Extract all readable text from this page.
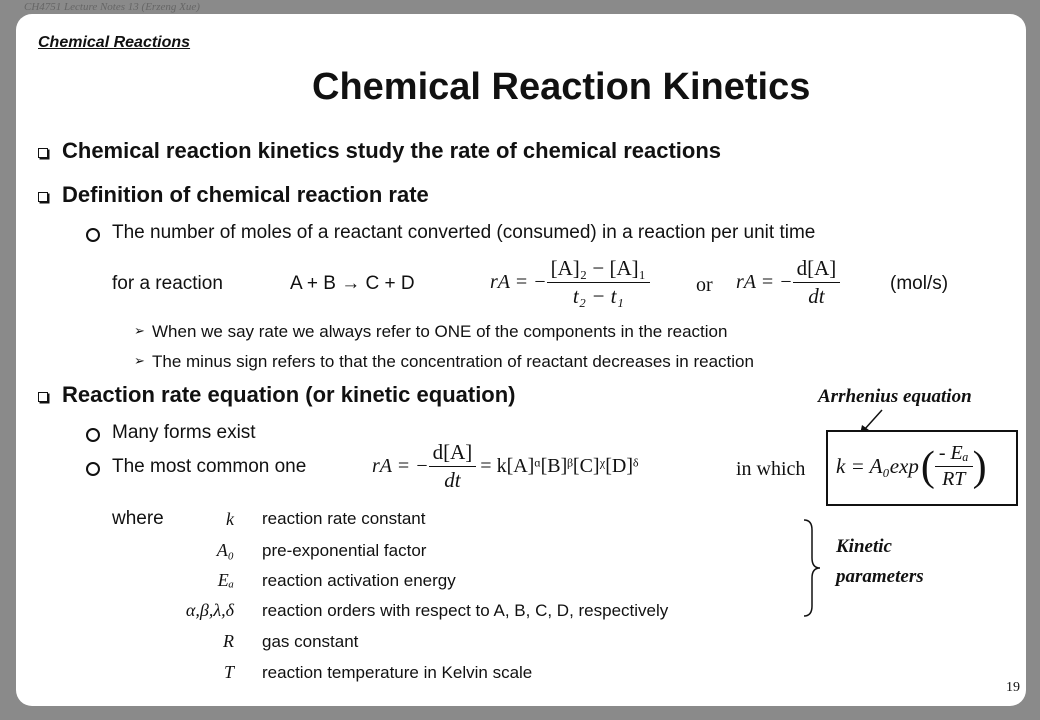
CH4751 Lecture Notes 13 (Erzeng Xue)
Chemical Reactions
Chemical Reaction Kinetics
Chemical reaction kinetics study the rate of chemical reactions
Definition of chemical reaction rate
The number of moles of a reactant converted (consumed) in a reaction per unit time
for a reaction	A + B → C + D	rA = − $\frac{\text{[A]₂ − [A]₁}}{\text{t₂ − t₁}}$ or rA = − $\frac{d[A]}{dt}$	(mol/s)
➢ When we say rate we always refer to ONE of the components in the reaction
➢ The minus sign refers to that the concentration of reactant decreases in reaction
Reaction rate equation (or kinetic equation)	Arrhenius equation
Many forms exist
The most common one	rA = − $\frac{d[A]}{dt}$ = k[A]ᵅ[B]ᵝ[C]ᵡ[D]ᵟ	in which k = A₀exp ( $\frac{\text{- Eₐ}}{RT}$ )
where	k reaction rate constant
A₀ pre-exponential factor
Eₐ reaction activation energy
α,β,λ,δ reaction orders with respect to A, B, C, D, respectively
R gas constant
T reaction temperature in Kelvin scale
Kinetic
parameters
19
